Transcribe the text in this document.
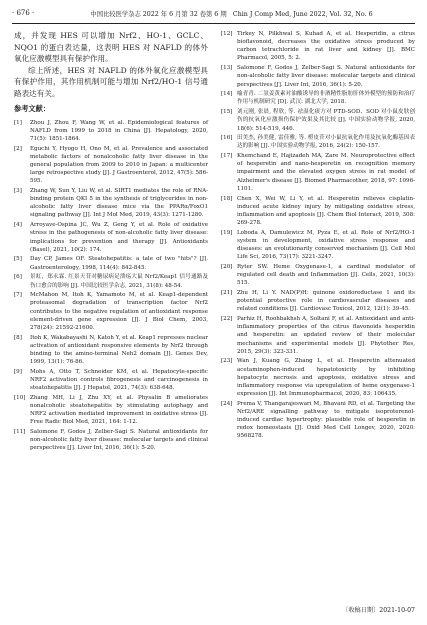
· 676 ·	中国比较医学杂志 2022 年 6 月第 32 卷第 6 期　Chin J Comp Med, June 2022, Vol. 32, No. 6

成，并发现 HES 可以增加 Nrf2、HO-1、GCLC、NQO1 的蛋白表达量，这表明 HES 对 NAFLD 的体外氧化应激模型具有保护作用。

综上所述，HES 对 NAFLD 的体外氧化应激模型具有保护作用，其作用机制可能与增加 Nrf2/HO-1 信号通路表达有关。

参考文献：
[1] Zhou J, Zhou F, Wang W, et al. Epidemiological features of NAFLD from 1999 to 2018 in China [J]. Hepatology, 2020, 71(5): 1851-1864.
[2] Eguchi Y, Hyogo H, Ono M, et al. Prevalence and associated metabolic factors of nonalcoholic fatty liver disease in the general population from 2009 to 2010 in Japan: a multicenter large retrospective study [J]. J Gastroenterol, 2012, 47(5): 586-595.
[3] Zhang W, Sun Y, Liu W, et al. SIRT1 mediates the role of RNA-binding protein QKI 5 in the synthesis of triglycerides in non-alcoholic fatty liver disease mice via the PPARα/FoxO1 signaling pathway [J]. Int J Mol Med, 2019, 43(3): 1271-1280.
[4] Arroyave-Ospina JC, Wu Z, Geng Y, et al. Role of oxidative stress in the pathogenesis of non-alcoholic fatty liver disease: implications for prevention and therapy [J]. Antioxidants (Basel), 2021, 10(2): 174.
[5] Day CP, James OF. Steatohepatitis: a tale of two "hits"? [J]. Gastroenterology, 1998, 114(4): 842-845.
[6] 景虹，郑永霖. 红景天苷对糖尿病足溃疡大鼠 Nrf2/Keap1 信号通路及伤口愈合的影响 [J]. 中国比较医学杂志, 2021, 31(8): 48-54.
[7] McMahon M, Itoh K, Yamamoto M, et al. Keap1-dependent proteasomal degradation of transcription factor Nrf2 contributes to the negative regulation of antioxidant response element-driven gene expression [J]. J Biol Chem, 2003, 278(24): 21592-21600.
[8] Itoh K, Wakabayashi N, Katoh Y, et al. Keap1 represses nuclear activation of antioxidant responsive elements by Nrf2 through binding to the amino-terminal Neh2 domain [J]. Genes Dev, 1999, 13(1): 76-86.
[9] Mohs A, Otto T, Schneider KM, et al. Hepatocyte-specific NRF2 activation controls fibrogenesis and carcinogenesis in steatohepatitis [J]. J Hepatol, 2021, 74(3): 638-648.
[10] Zhang MH, Li J, Zhu XY, et al. Physalin B ameliorates nonalcoholic steatohepatitis by stimulating autophagy and NRF2 activation mediated improvement in oxidative stress [J]. Free Radic Biol Med, 2021, 164: 1-12.
[11] Salomone F, Godos J, Zelber-Sagi S. Natural antioxidants for non-alcoholic fatty liver disease: molecular targets and clinical perspectives [J]. Liver Int, 2016, 36(1): 5-20.
[12] Tirkey N, Pilkhwal S, Kuhad A, et al. Hesperidin, a citrus bioflavonoid, decreases the oxidative stress produced by carbon tetrachloride in rat liver and kidney [J]. BMC Pharmacol, 2005, 5: 2.
[13] Salomone F, Godos J, Zelber-Sagi S. Natural antioxidants for non-alcoholic fatty liver disease: molecular targets and clinical perspectives [J]. Liver Int, 2016, 36(1): 5-20.
[14] 喻青青. 二氢姜黄素对油酸诱导的非酒精性脂肪肝体外模型的预防和治疗作用与机制研究 [D]. 武汉: 湖北大学, 2018.
[15] 刘元刚, 张晨, 程欣, 等. 祛湿化痰方对 PTD-SOD、SOD 对小鼠皮肤创伤的抗氧化应激损伤保护效果及其比较 [J]. 中国实验动物学报, 2020, 18(6): 514-519, 446.
[16] 田美杰, 孙美健, 雷佳雅, 等. 橙皮苷对小鼠抗氧化作用及抗氧化酶基因表达的影响 [J]. 中国实验动物学报, 2016, 24(2): 150-157.
[17] Khemchand E, Hajizadeh MA, Zare M. Neuroprotective effect of hesperetin and nano-hesperetin on recognition memory impairment and the elevated oxygen stress in rat model of Alzheimer's disease [J]. Biomed Pharmacother, 2018, 97: 1096-1101.
[18] Chen X, Wei W, Li Y, et al. Hesperetin relieves cisplatin-induced acute kidney injury by mitigating oxidative stress, inflammation and apoptosis [J]. Chem Biol Interact, 2019, 308: 269-278.
[19] Loboda A, Damulewicz M, Pyza E, et al. Role of Nrf2/HO-1 system in development, oxidative stress response and diseases: an evolutionarily conserved mechanism [J]. Cell Mol Life Sci, 2016, 73(17): 3221-3247.
[20] Ryter SW. Heme Oxygenase-1, a cardinal modulator of regulated cell death and Inflammation [J]. Cells, 2021, 10(3): 515.
[21] Zhu H, Li Y. NAD(P)H: quinone oxidoreductase 1 and its potential protective role in cardiovascular diseases and related conditions [J]. Cardiovasc Toxicol, 2012, 12(1): 39-45.
[22] Parhiz H, Roohbakhsh A, Soltani F, et al. Antioxidant and anti-inflammatory properties of the citrus flavonoids hesperidin and hesperetin: an updated review of their molecular mechanisms and experimental models [J]. Phytother Res, 2015, 29(3): 323-331.
[23] Wan J, Kuang G, Zhang L, et al. Hesperetin attenuated acetaminophen-induced hepatotoxicity by inhibiting hepatocyte necrosis and apoptosis, oxidative stress and inflammatory response via upregulation of heme oxygenase-1 expression [J]. Int Immunopharmacol, 2020, 83: 106435.
[24] Prema V, Thangarajeswari M, Bhavani RD, et al. Targeting the Nrf2/ARE signalling pathway to mitigate isoproterenol-induced cardiac hypertrophy: plausible role of hesperetin in redox homeostasis [J]. Oxid Med Cell Longev, 2020, 2020: 9568278.
〔收稿日期〕2021-10-07
